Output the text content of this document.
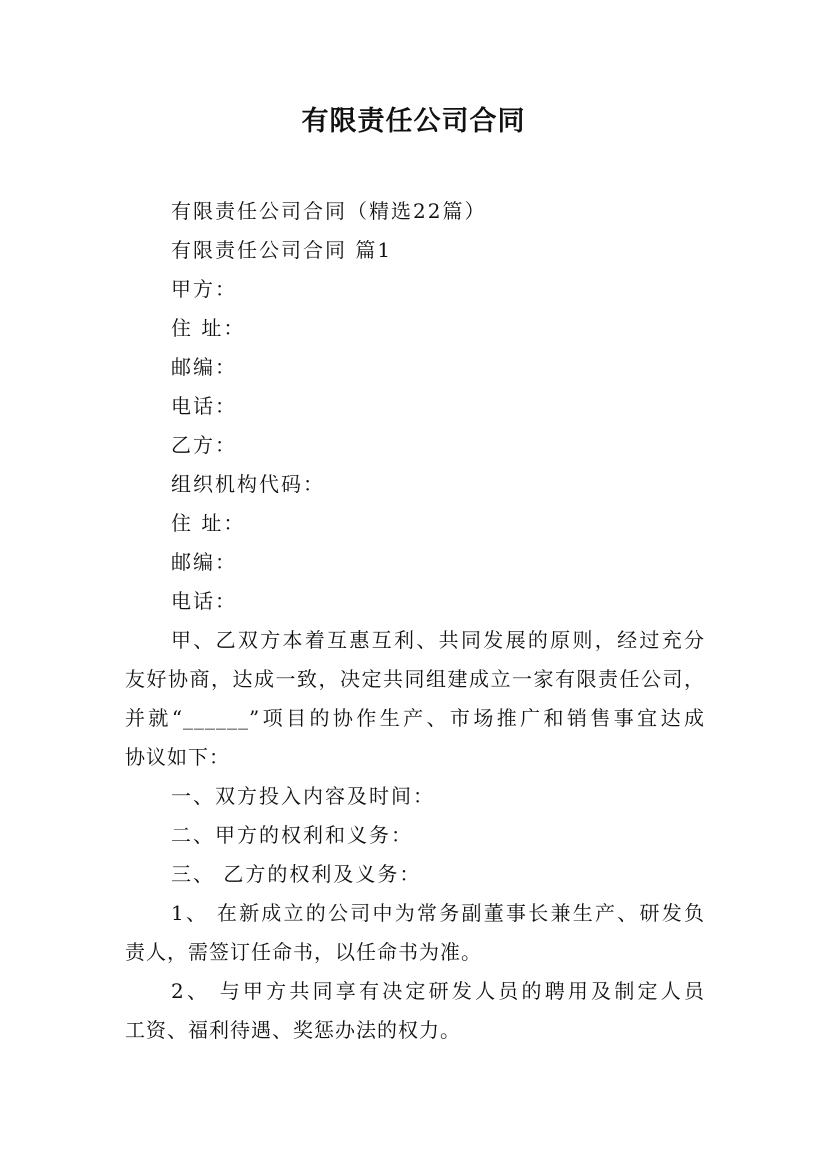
有限责任公司合同

有限责任公司合同（精选22篇）

有限责任公司合同 篇1

甲方：

住 址：

邮编：

电话：

乙方：

组织机构代码：

住 址：

邮编：

电话：

甲、乙双方本着互惠互利、共同发展的原则，经过充分

友好协商，达成一致，决定共同组建成立一家有限责任公司，

并就“______”项目的协作生产、市场推广和销售事宜达成

协议如下：

一、双方投入内容及时间：

二、甲方的权利和义务：

三、 乙方的权利及义务：

1、 在新成立的公司中为常务副董事长兼生产、研发负

责人，需签订任命书，以任命书为准。

2、 与甲方共同享有决定研发人员的聘用及制定人员

工资、福利待遇、奖惩办法的权力。
